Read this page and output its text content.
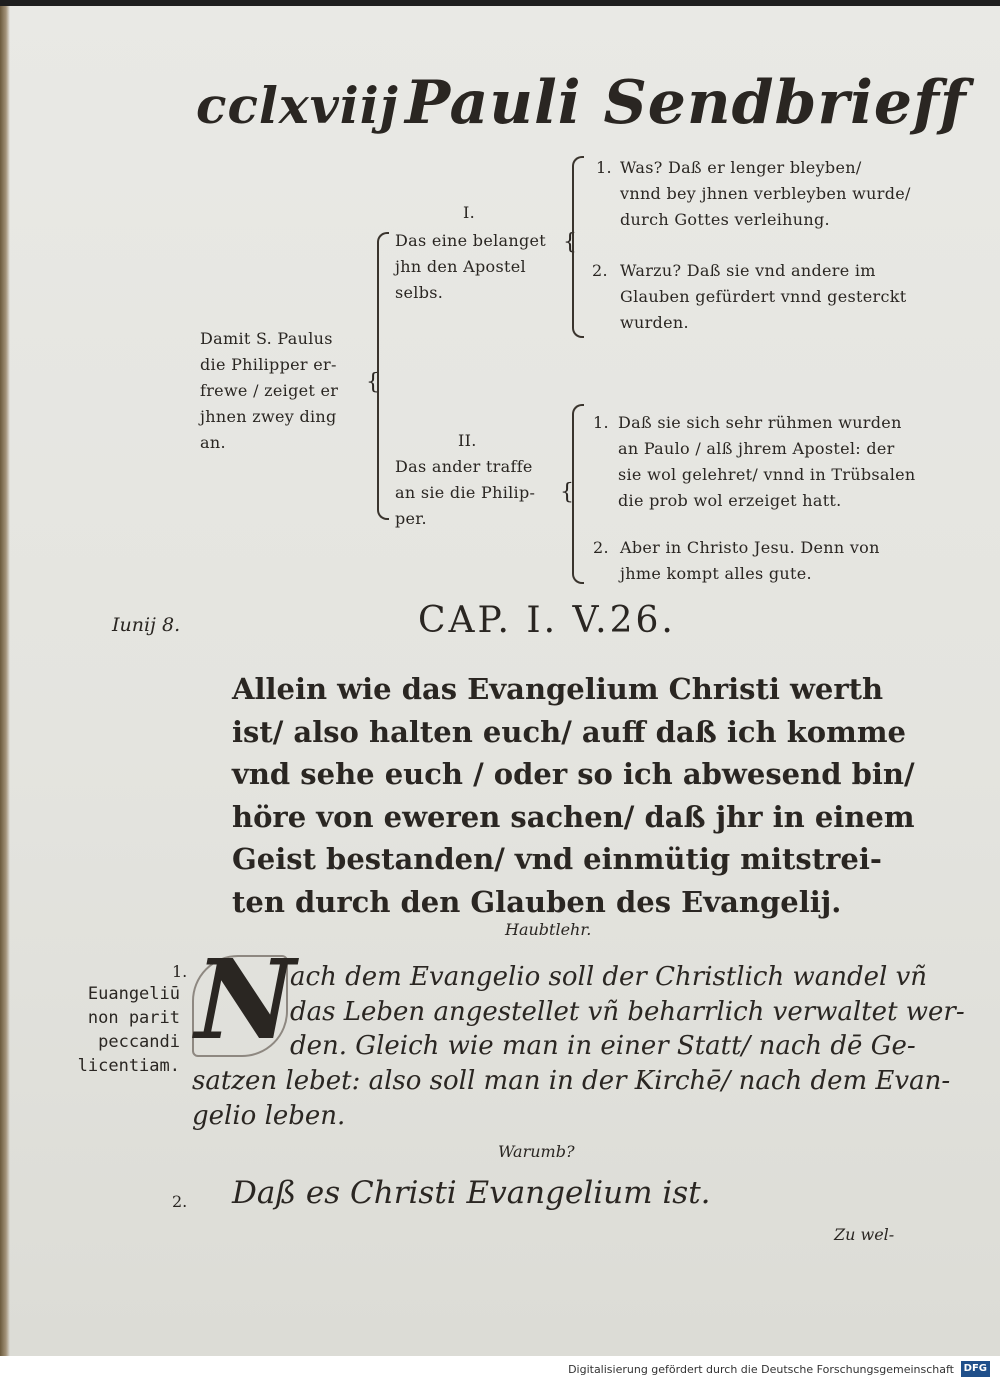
cclxviij Pauli Sendbrieff
Damit S. Paulus
die Philipper er-
frewe / zeiget er
jhnen zwey ding
an.
{
I.
Das eine belanget
jhn den Apostel
selbs.
{
1. Was? Daß er lenger bleyben/
vnnd bey jhnen verbleyben wurde/
durch Gottes verleihung.
2. Warzu? Daß sie vnd andere im
Glauben gefürdert vnnd gesterckt
wurden.
II.
Das ander traffe
an sie die Philip-
per.
{
1. Daß sie sich sehr rühmen wurden
an Paulo / alß jhrem Apostel: der
sie wol gelehret/ vnnd in Trübsalen
die prob wol erzeiget hatt.
2. Aber in Christo Jesu. Denn von
jhme kompt alles gute.
Iunij 8.	CAP. I. V.26.
Allein wie das Evangelium Christi werth
ist/ also halten euch/ auff daß ich komme
vnd sehe euch / oder so ich abwesend bin/
höre von eweren sachen/ daß jhr in einem
Geist bestanden/ vnd einmütig mitstrei-
ten durch den Glauben des Evangelij.
Haubtlehr.
1.
Euangeliū
non parit
peccandi
licentiam.
N
ach dem Evangelio soll der Christlich wandel vñ
das Leben angestellet vñ beharrlich verwaltet wer-
den. Gleich wie man in einer Statt/ nach dē Ge-
satzen lebet: also soll man in der Kirchē/ nach dem Evan-
gelio leben.
Warumb?
2. Daß es Christi Evangelium ist.
Zu wel-
Digitalisierung gefördert durch die Deutsche Forschungsgemeinschaft DFG
